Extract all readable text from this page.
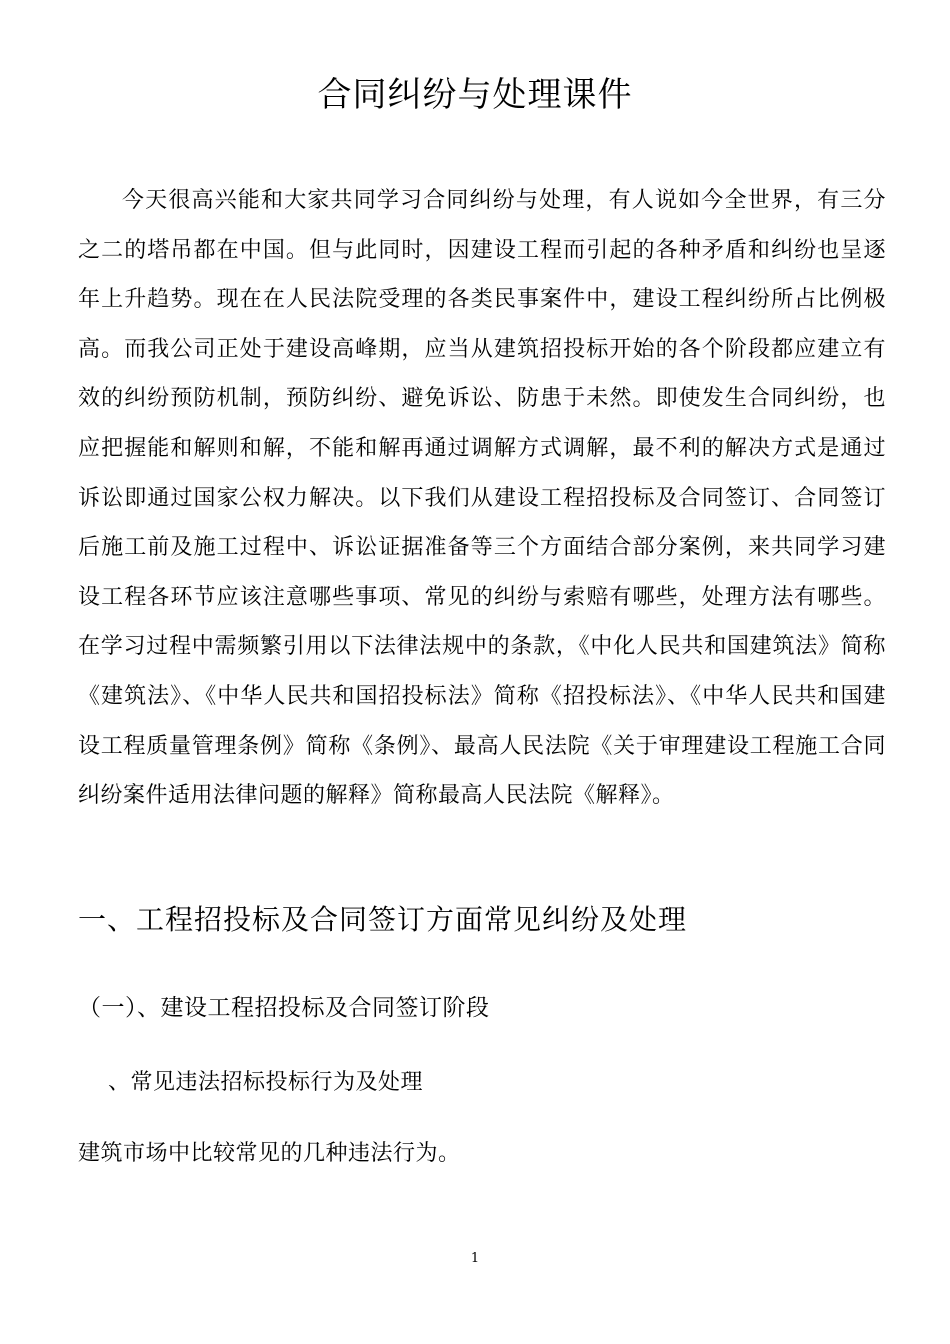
合同纠纷与处理课件

今天很高兴能和大家共同学习合同纠纷与处理，有人说如今全世界，有三分之二的塔吊都在中国。但与此同时，因建设工程而引起的各种矛盾和纠纷也呈逐年上升趋势。现在在人民法院受理的各类民事案件中，建设工程纠纷所占比例极高。而我公司正处于建设高峰期，应当从建筑招投标开始的各个阶段都应建立有效的纠纷预防机制，预防纠纷、避免诉讼、防患于未然。即使发生合同纠纷，也应把握能和解则和解，不能和解再通过调解方式调解，最不利的解决方式是通过诉讼即通过国家公权力解决。以下我们从建设工程招投标及合同签订、合同签订后施工前及施工过程中、诉讼证据准备等三个方面结合部分案例，来共同学习建设工程各环节应该注意哪些事项、常见的纠纷与索赔有哪些，处理方法有哪些。在学习过程中需频繁引用以下法律法规中的条款，《中化人民共和国建筑法》简称《建筑法》、《中华人民共和国招投标法》简称《招投标法》、《中华人民共和国建设工程质量管理条例》简称《条例》、最高人民法院《关于审理建设工程施工合同纠纷案件适用法律问题的解释》简称最高人民法院《解释》。

一、工程招投标及合同签订方面常见纠纷及处理
（一）、建设工程招投标及合同签订阶段
、常见违法招标投标行为及处理
建筑市场中比较常见的几种违法行为。
1
